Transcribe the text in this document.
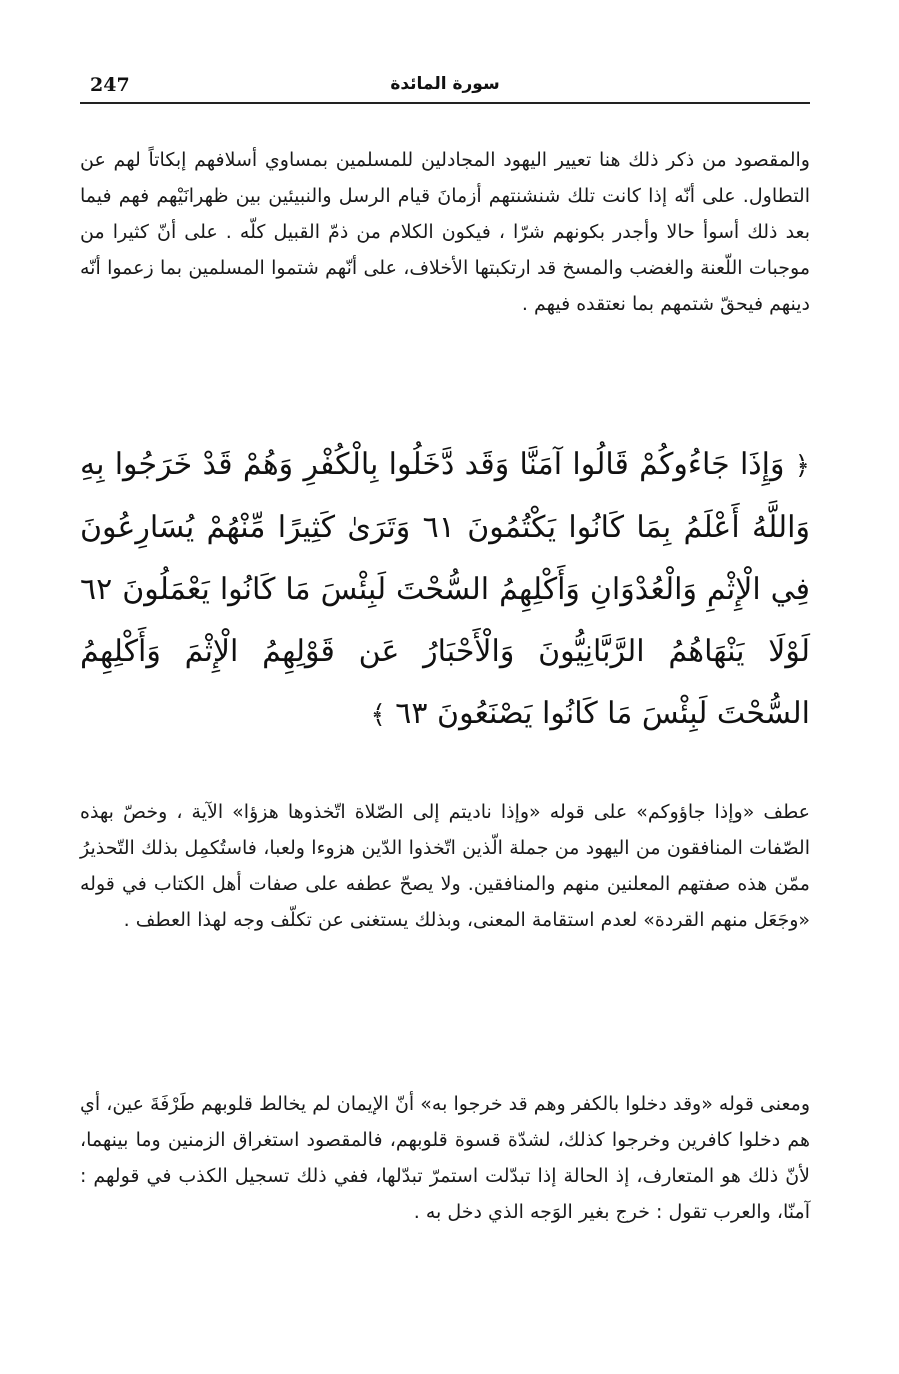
247	سورة المائدة

والمقصود من ذكر ذلك هنا تعيير اليهود المجادلين للمسلمين بمساوي أسلافهم إبكاتاً لهم عن التطاول. على أنّه إذا كانت تلك شنشنتهم أزمانَ قيام الرسل والنبيئين بين ظهرانَيْهم فهم فيما بعد ذلك أسوأ حالا وأجدر بكونهم شرّا ، فيكون الكلام من ذمّ القبيل كلّه . على أنّ كثيرا من موجبات اللّعنة والغضب والمسخ قد ارتكبتها الأخلاف، على أنّهم شتموا المسلمين بما زعموا أنّه دينهم فيحقّ شتمهم بما نعتقده فيهم .

﴿ وَإِذَا جَاءُوكُمْ قَالُوا آمَنَّا وَقَد دَّخَلُوا بِالْكُفْرِ وَهُمْ قَدْ خَرَجُوا بِهِ وَاللَّهُ أَعْلَمُ بِمَا كَانُوا يَكْتُمُونَ ٦١ وَتَرَىٰ كَثِيرًا مِّنْهُمْ يُسَارِعُونَ فِي الْإِثْمِ وَالْعُدْوَانِ وَأَكْلِهِمُ السُّحْتَ لَبِئْسَ مَا كَانُوا يَعْمَلُونَ ٦٢ لَوْلَا يَنْهَاهُمُ الرَّبَّانِيُّونَ وَالْأَحْبَارُ عَن قَوْلِهِمُ الْإِثْمَ وَأَكْلِهِمُ السُّحْتَ لَبِئْسَ مَا كَانُوا يَصْنَعُونَ ٦٣ ﴾

عطف «وإذا جاؤوكم» على قوله «وإذا ناديتم إلى الصّلاة اتّخذوها هزؤا» الآية ، وخصّ بهذه الصّفات المنافقون من اليهود من جملة الّذين اتّخذوا الدّين هزوءا ولعبا، فاستُكمِل بذلك التّحذيرُ ممّن هذه صفتهم المعلنين منهم والمنافقين. ولا يصحّ عطفه على صفات أهل الكتاب في قوله «وجَعَل منهم القردة» لعدم استقامة المعنى، وبذلك يستغنى عن تكلّف وجه لهذا العطف .

ومعنى قوله «وقد دخلوا بالكفر وهم قد خرجوا به» أنّ الإيمان لم يخالط قلوبهم طَرْفَةَ عين، أي هم دخلوا كافرين وخرجوا كذلك، لشدّة قسوة قلوبهم، فالمقصود استغراق الزمنين وما بينهما، لأنّ ذلك هو المتعارف، إذ الحالة إذا تبدّلت استمرّ تبدّلها، ففي ذلك تسجيل الكذب في قولهم : آمنّا، والعرب تقول : خرج بغير الوَجه الذي دخل به .
